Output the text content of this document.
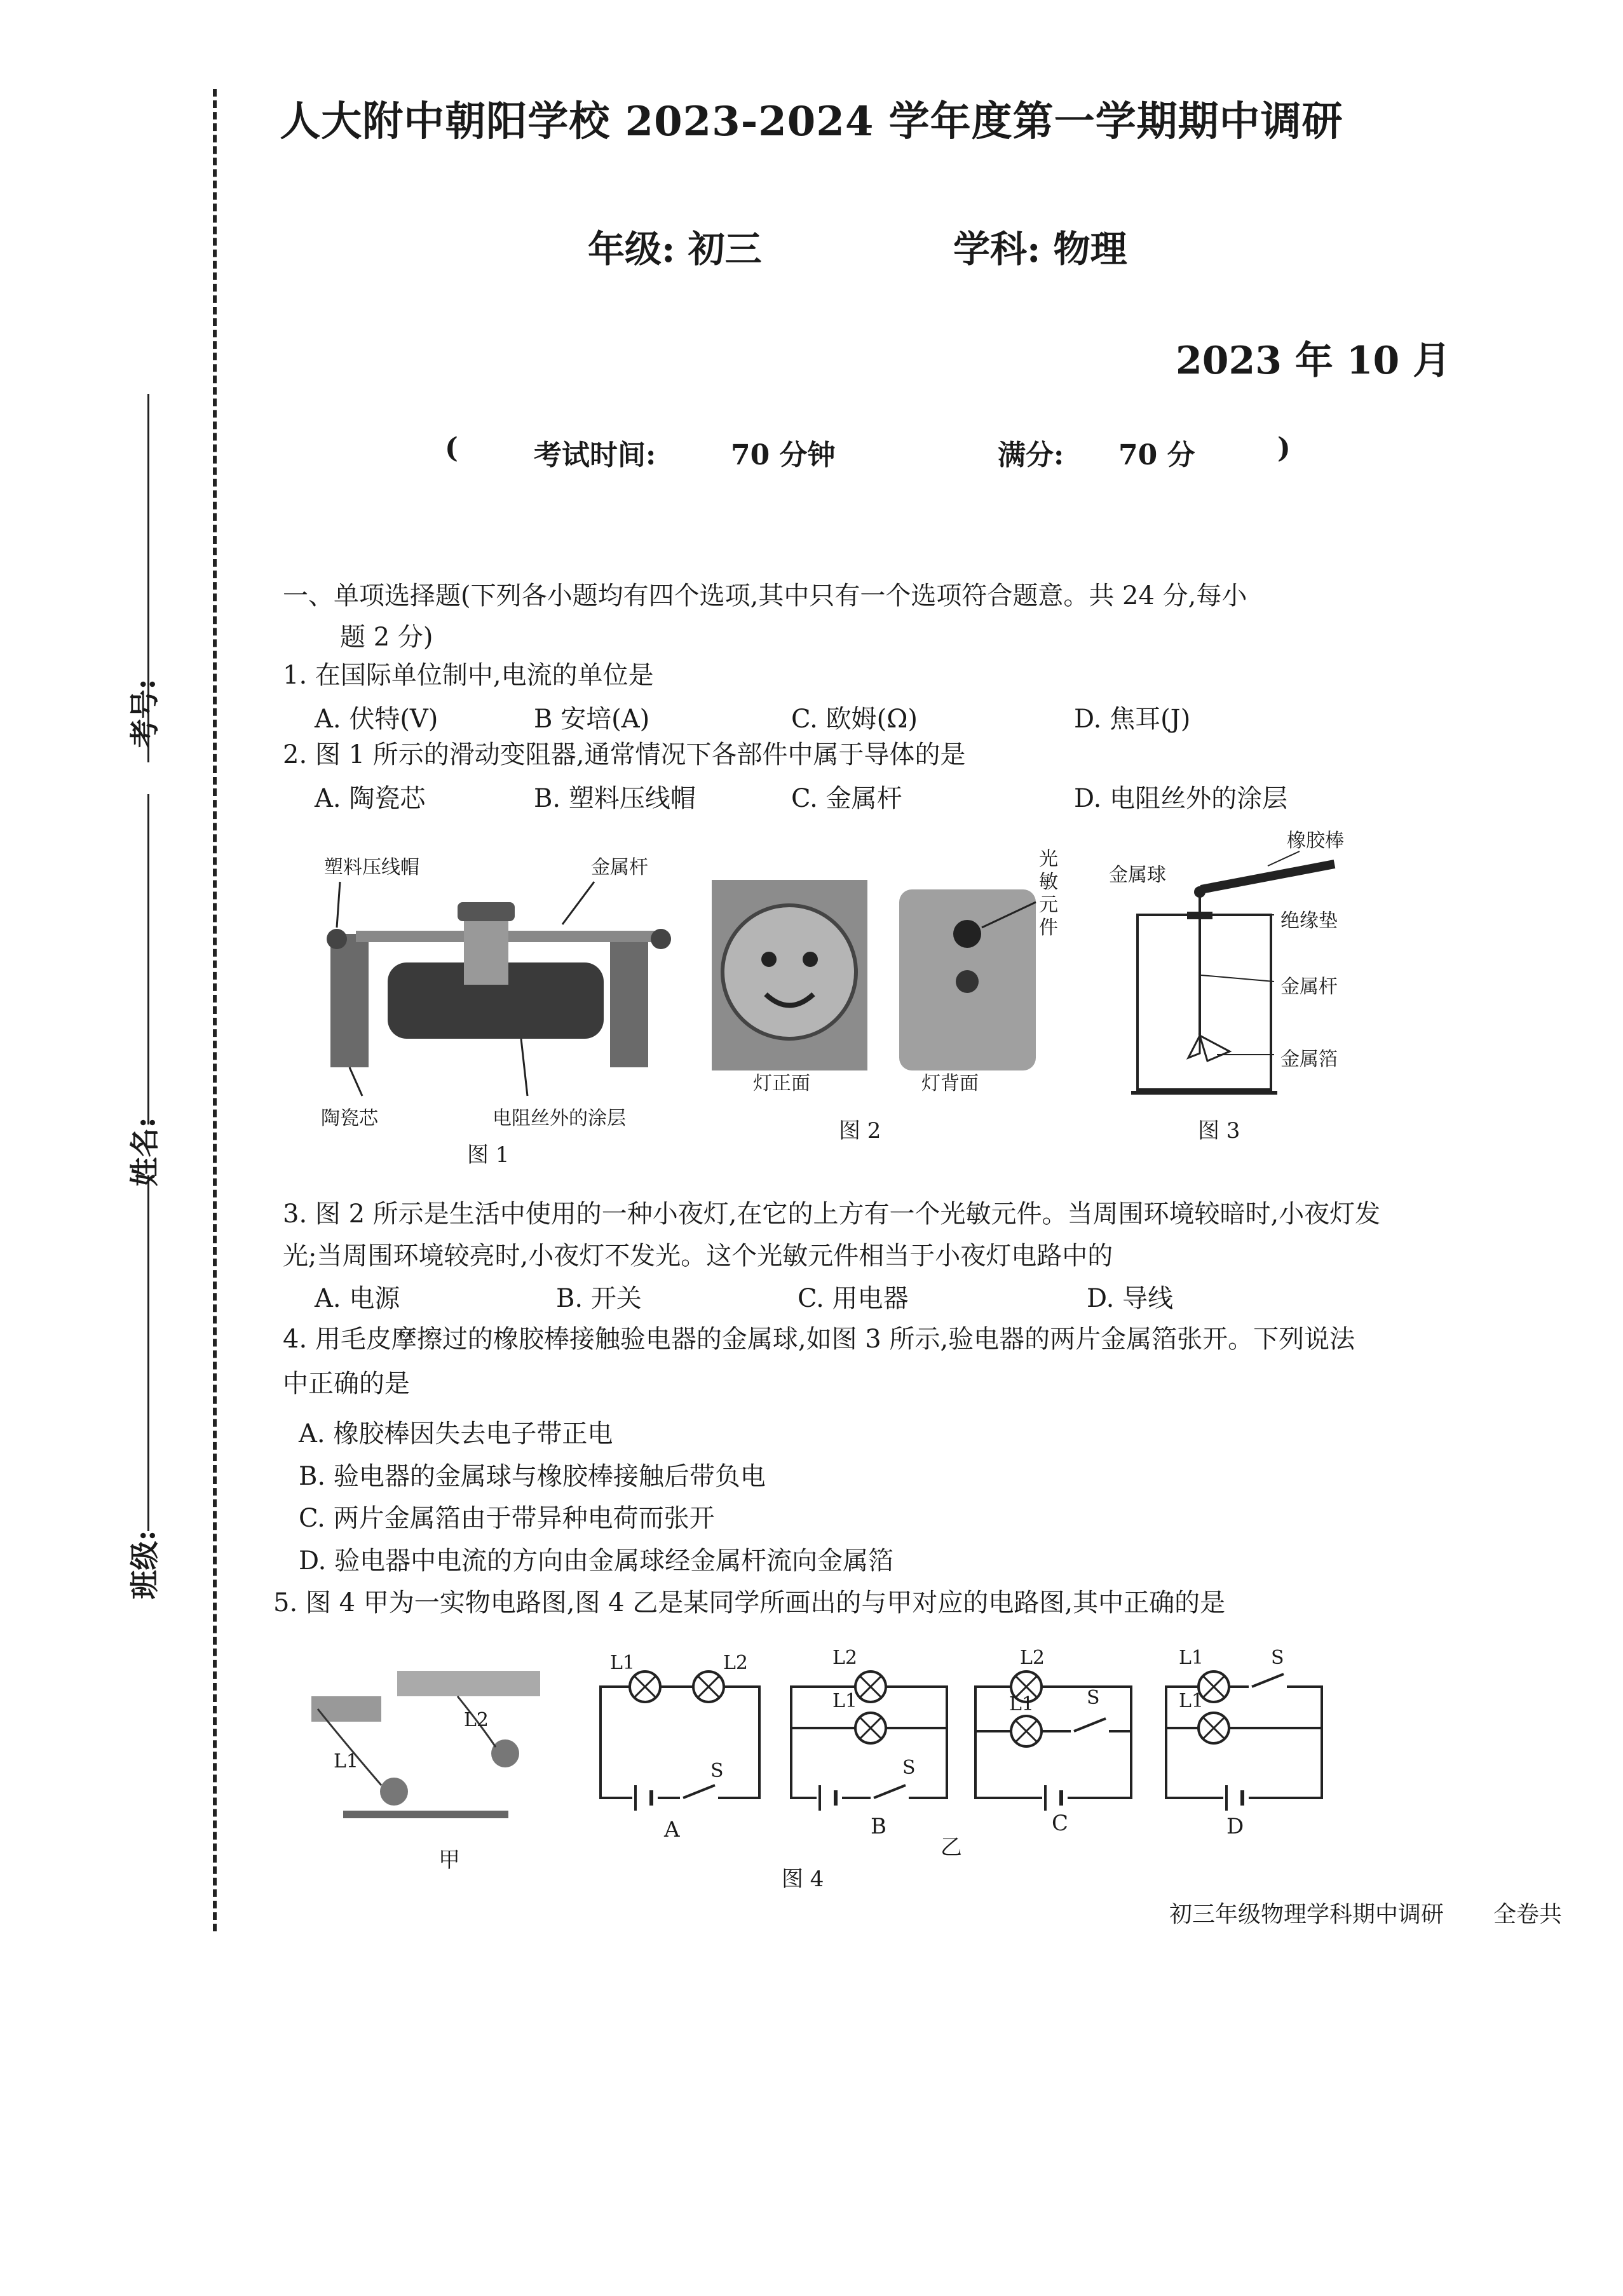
考号:
姓名:
班级:
人大附中朝阳学校 2023-2024 学年度第一学期期中调研
年级: 初三	学科: 物理
2023 年 10 月
(	考试时间:	70 分钟	满分: 70 分	)
一、单项选择题(下列各小题均有四个选项,其中只有一个选项符合题意。共 24 分,每小
题 2 分)
1. 在国际单位制中,电流的单位是
A. 伏特(V)	B 安培(A)	C. 欧姆(Ω)	D. 焦耳(J)
2. 图 1 所示的滑动变阻器,通常情况下各部件中属于导体的是
A. 陶瓷芯	B. 塑料压线帽	C. 金属杆	D. 电阻丝外的涂层
塑料压线帽	金属杆
陶瓷芯	电阻丝外的涂层
图 1
光敏元件
灯正面	灯背面
图 2
橡胶棒
金属球
绝缘垫
金属杆
金属箔
图 3
3. 图 2 所示是生活中使用的一种小夜灯,在它的上方有一个光敏元件。当周围环境较暗时,小夜灯发
光;当周围环境较亮时,小夜灯不发光。这个光敏元件相当于小夜灯电路中的
A. 电源	B. 开关	C. 用电器	D. 导线
4. 用毛皮摩擦过的橡胶棒接触验电器的金属球,如图 3 所示,验电器的两片金属箔张开。下列说法
中正确的是
A. 橡胶棒因失去电子带正电
B. 验电器的金属球与橡胶棒接触后带负电
C. 两片金属箔由于带异种电荷而张开
D. 验电器中电流的方向由金属球经金属杆流向金属箔
5. 图 4 甲为一实物电路图,图 4 乙是某同学所画出的与甲对应的电路图,其中正确的是
L2
L1
甲
L1	L2
S
L2
L1
S
L2
L1	S
L1
L1
S
A	B	C	D
乙
图 4
初三年级物理学科期中调研 全卷共
